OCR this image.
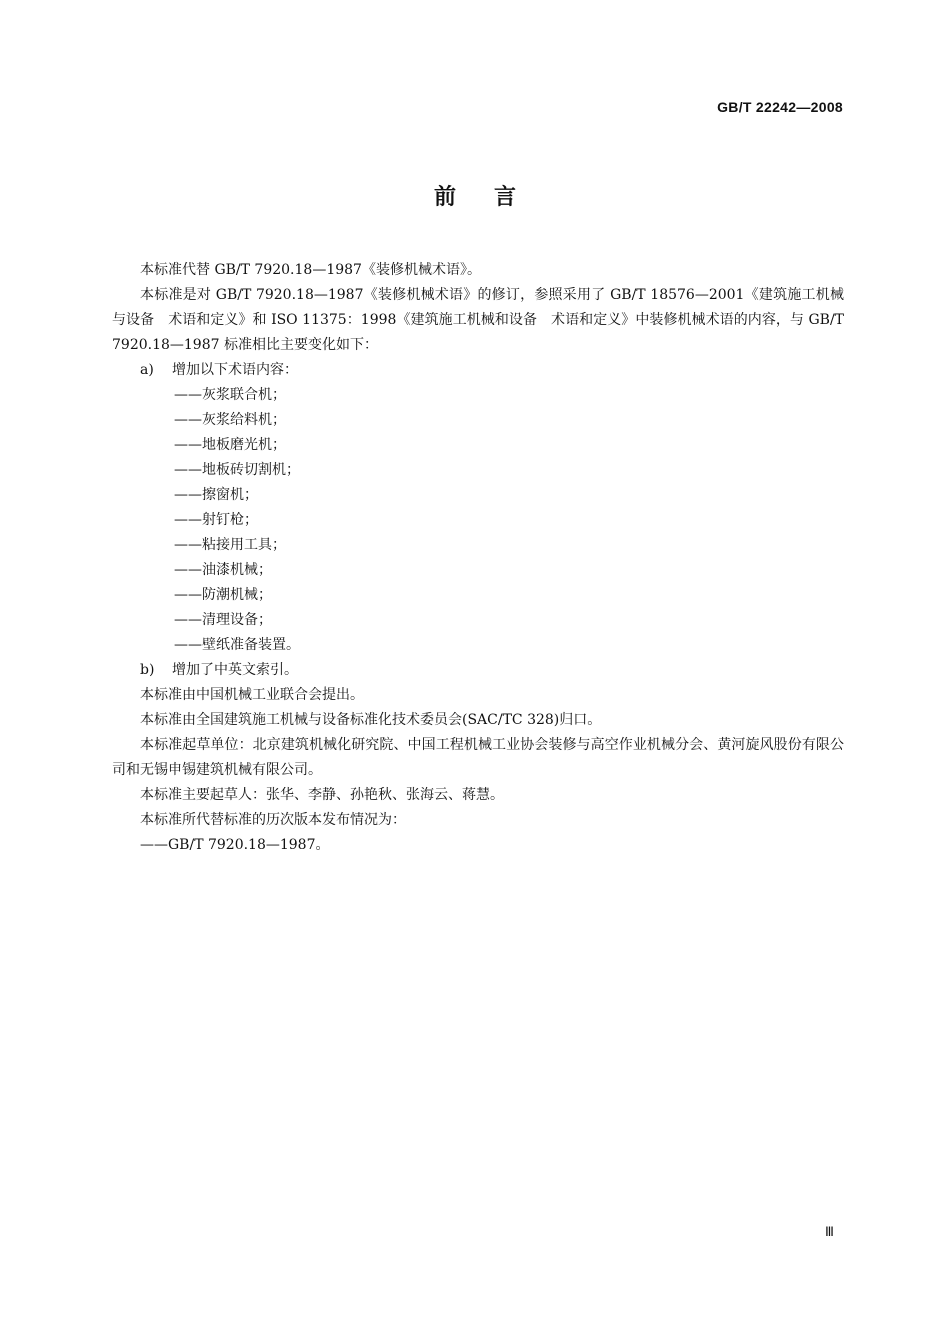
GB/T 22242—2008
前言

本标准代替 GB/T 7920.18—1987《装修机械术语》。

本标准是对 GB/T 7920.18—1987《装修机械术语》的修订，参照采用了 GB/T 18576—2001《建筑施工机械与设备　术语和定义》和 ISO 11375：1998《建筑施工机械和设备　术语和定义》中装修机械术语的内容，与 GB/T 7920.18—1987 标准相比主要变化如下：

a) 增加以下术语内容：

——灰浆联合机；

——灰浆给料机；

——地板磨光机；

——地板砖切割机；

——擦窗机；

——射钉枪；

——粘接用工具；

——油漆机械；

——防潮机械；

——清理设备；

——壁纸准备装置。

b) 增加了中英文索引。

本标准由中国机械工业联合会提出。

本标准由全国建筑施工机械与设备标准化技术委员会(SAC/TC 328)归口。

本标准起草单位：北京建筑机械化研究院、中国工程机械工业协会装修与高空作业机械分会、黄河旋风股份有限公司和无锡申锡建筑机械有限公司。

本标准主要起草人：张华、李静、孙艳秋、张海云、蒋慧。

本标准所代替标准的历次版本发布情况为：

——GB/T 7920.18—1987。

Ⅲ
